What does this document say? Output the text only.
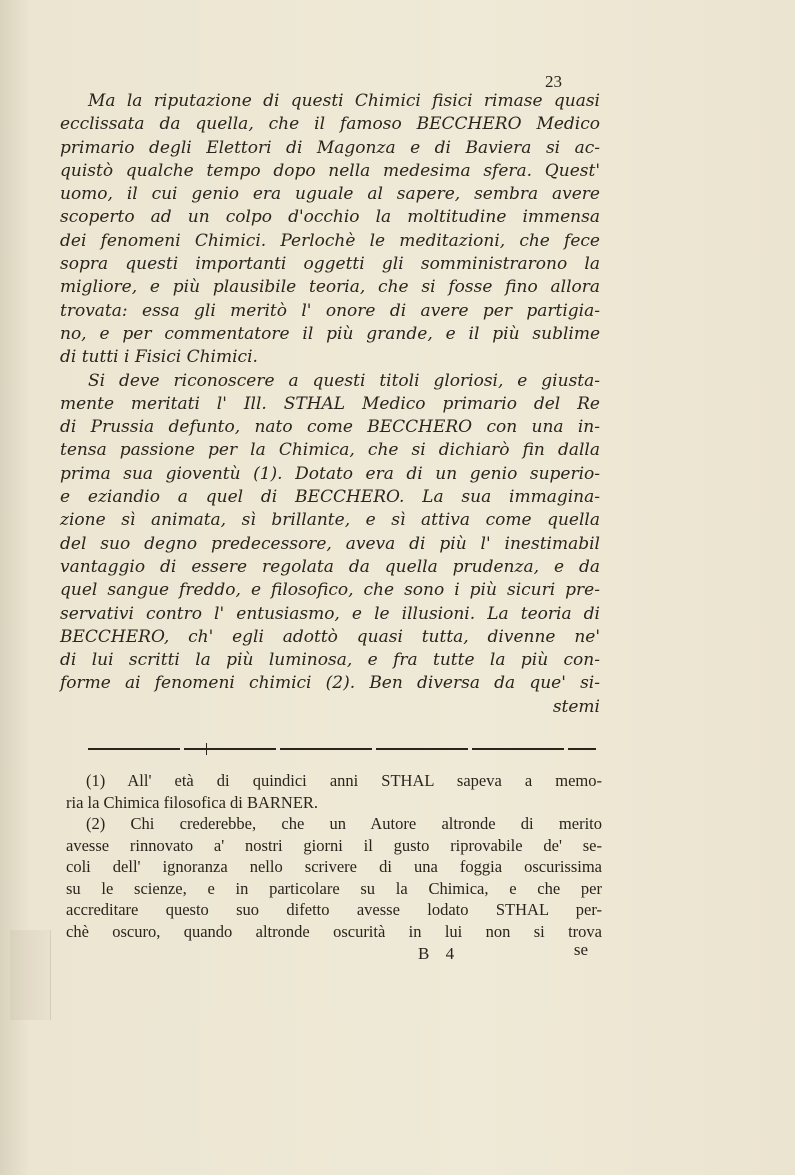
23
Ma la riputazione di questi Chimici fisici rimase quasi
ecclissata da quella, che il famoso BECCHERO Medico
primario degli Elettori di Magonza e di Baviera si ac-
quistò qualche tempo dopo nella medesima sfera. Quest'
uomo, il cui genio era uguale al sapere, sembra avere
scoperto ad un colpo d'occhio la moltitudine immensa
dei fenomeni Chimici. Perlochè le meditazioni, che fece
sopra questi importanti oggetti gli somministrarono la
migliore, e più plausibile teoria, che si fosse fino allora
trovata: essa gli meritò l' onore di avere per partigia-
no, e per commentatore il più grande, e il più sublime
di tutti i Fisici Chimici.
Si deve riconoscere a questi titoli gloriosi, e giusta-
mente meritati l' Ill. STHAL Medico primario del Re
di Prussia defunto, nato come BECCHERO con una in-
tensa passione per la Chimica, che si dichiarò fin dalla
prima sua gioventù (1). Dotato era di un genio superio-
e eziandio a quel di BECCHERO. La sua immagina-
zione sì animata, sì brillante, e sì attiva come quella
del suo degno predecessore, aveva di più l' inestimabil
vantaggio di essere regolata da quella prudenza, e da
quel sangue freddo, e filosofico, che sono i più sicuri pre-
servativi contro l' entusiasmo, e le illusioni. La teoria di
BECCHERO, ch' egli adottò quasi tutta, divenne ne'
di lui scritti la più luminosa, e fra tutte la più con-
forme ai fenomeni chimici (2). Ben diversa da que' si-
stemi
(1) All' età di quindici anni STHAL sapeva a memo-
ria la Chimica filosofica di BARNER.
(2) Chi crederebbe, che un Autore altronde di merito
avesse rinnovato a' nostri giorni il gusto riprovabile de' se-
coli dell' ignoranza nello scrivere di una foggia oscurissima
su le scienze, e in particolare su la Chimica, e che per
accreditare questo suo difetto avesse lodato STHAL per-
chè oscuro, quando altronde oscurità in lui non si trova
B 4	se
